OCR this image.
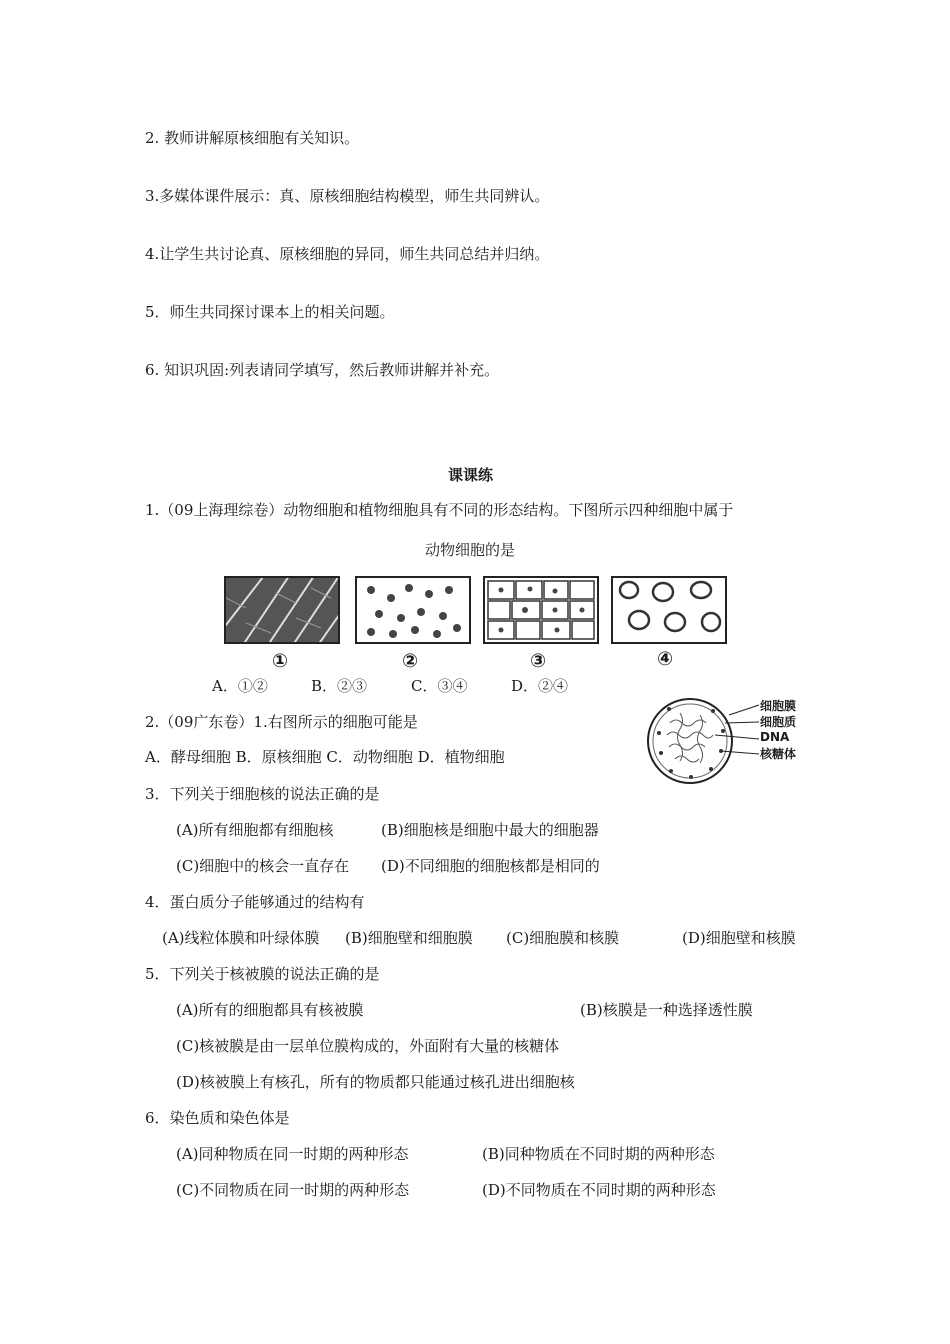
2. 教师讲解原核细胞有关知识。
3.多媒体课件展示：真、原核细胞结构模型，师生共同辨认。
4.让学生共讨论真、原核细胞的异同，师生共同总结并归纳。
5．师生共同探讨课本上的相关问题。
6. 知识巩固:列表请同学填写，然后教师讲解并补充。
课课练
1.（09上海理综卷）动物细胞和植物细胞具有不同的形态结构。下图所示四种细胞中属于
动物细胞的是
①	②	③	④
A．①②	B．②③	C．③④	D．②④
2.（09广东卷）1.右图所示的细胞可能是
A．酵母细胞 B．原核细胞 C．动物细胞 D．植物细胞
细胞膜
细胞质
DNA
核糖体
3．下列关于细胞核的说法正确的是
(A)所有细胞都有细胞核	(B)细胞核是细胞中最大的细胞器
(C)细胞中的核会一直存在 (D)不同细胞的细胞核都是相同的
4．蛋白质分子能够通过的结构有
(A)线粒体膜和叶绿体膜 (B)细胞壁和细胞膜 (C)细胞膜和核膜	(D)细胞壁和核膜
5．下列关于核被膜的说法正确的是
(A)所有的细胞都具有核被膜	(B)核膜是一种选择透性膜
(C)核被膜是由一层单位膜构成的，外面附有大量的核糖体
(D)核被膜上有核孔，所有的物质都只能通过核孔进出细胞核
6．染色质和染色体是
(A)同种物质在同一时期的两种形态	(B)同种物质在不同时期的两种形态
(C)不同物质在同一时期的两种形态	(D)不同物质在不同时期的两种形态
